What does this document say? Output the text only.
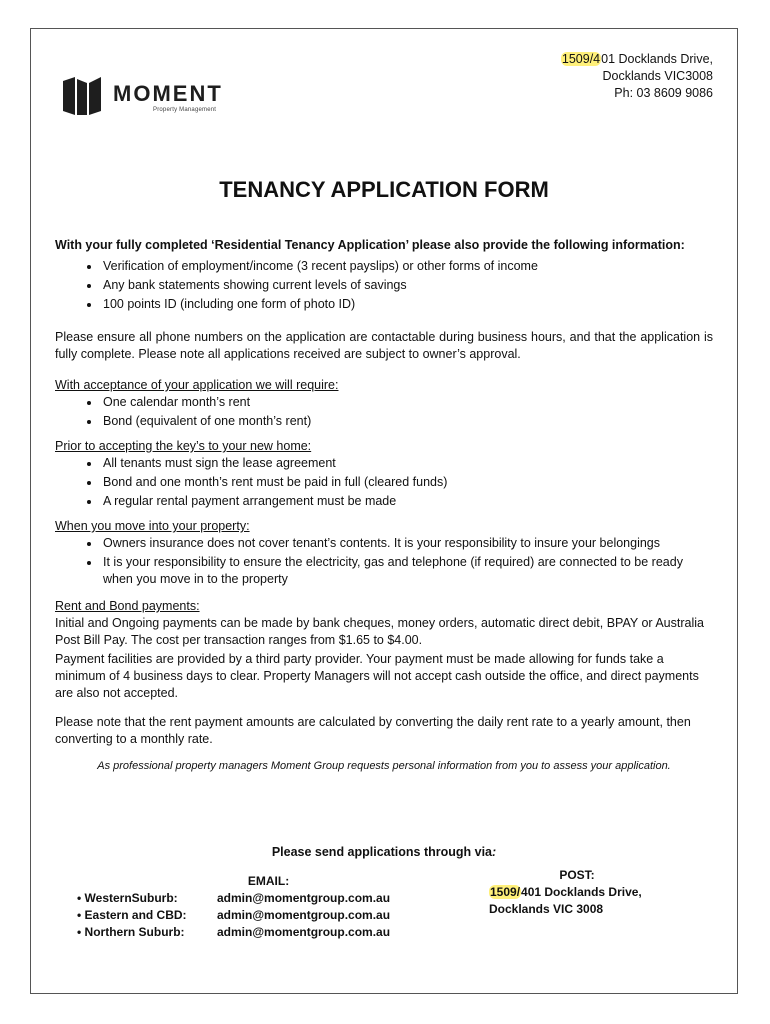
1509/401 Docklands Drive,
Docklands VIC3008
Ph: 03 8609 9086
MOMENT
Property Management
TENANCY APPLICATION FORM

With your fully completed ‘Residential Tenancy Application’ please also provide the following information:

• Verification of employment/income (3 recent payslips) or other forms of income
• Any bank statements showing current levels of savings
• 100 points ID (including one form of photo ID)

Please ensure all phone numbers on the application are contactable during business hours, and that the application is fully complete. Please note all applications received are subject to owner’s approval.

With acceptance of your application we will require:

• One calendar month’s rent
• Bond (equivalent of one month’s rent)

Prior to accepting the key’s to your new home:

• All tenants must sign the lease agreement
• Bond and one month’s rent must be paid in full (cleared funds)
• A regular rental payment arrangement must be made

When you move into your property:

• Owners insurance does not cover tenant’s contents. It is your responsibility to insure your belongings
• It is your responsibility to ensure the electricity, gas and telephone (if required) are connected to be ready when you move in to the property

Rent and Bond payments:

Initial and Ongoing payments can be made by bank cheques, money orders, automatic direct debit, BPAY or Australia Post Bill Pay. The cost per transaction ranges from $1.65 to $4.00.

Payment facilities are provided by a third party provider. Your payment must be made allowing for funds take a minimum of 4 business days to clear. Property Managers will not accept cash outside the office, and direct payments are also not accepted.

Please note that the rent payment amounts are calculated by converting the daily rent rate to a yearly amount, then converting to a monthly rate.

As professional property managers Moment Group requests personal information from you to assess your application.

Please send applications through via:
EMAIL:
• WesternSuburb:	admin@momentgroup.com.au
• Eastern and CBD:	admin@momentgroup.com.au
• Northern Suburb:	admin@momentgroup.com.au
POST:
1509/401 Docklands Drive,
Docklands VIC 3008
